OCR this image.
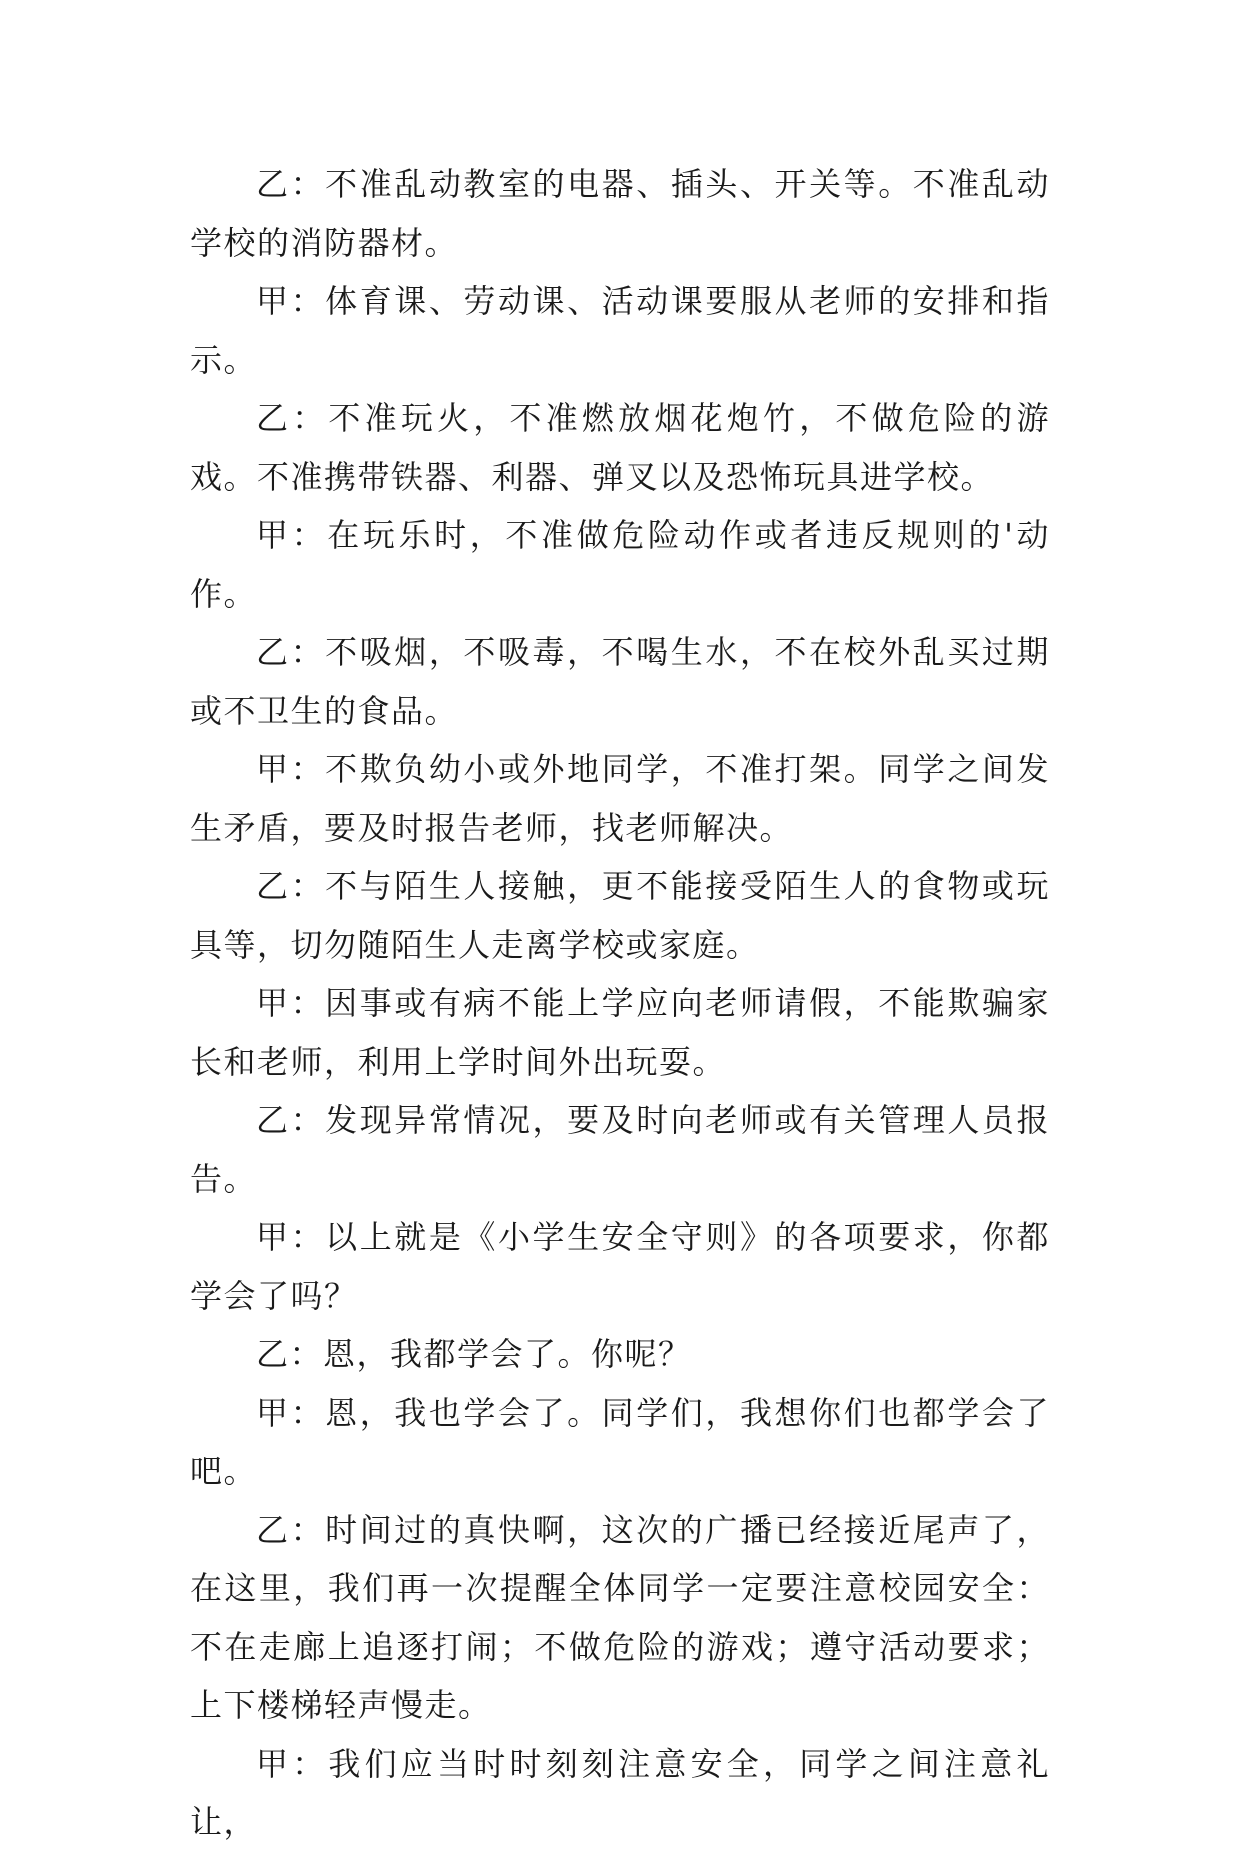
乙：不准乱动教室的电器、插头、开关等。不准乱动学校的消防器材。

甲：体育课、劳动课、活动课要服从老师的安排和指示。

乙：不准玩火，不准燃放烟花炮竹，不做危险的游戏。不准携带铁器、利器、弹叉以及恐怖玩具进学校。

甲：在玩乐时，不准做危险动作或者违反规则的'动作。

乙：不吸烟，不吸毒，不喝生水，不在校外乱买过期或不卫生的食品。

甲：不欺负幼小或外地同学，不准打架。同学之间发生矛盾，要及时报告老师，找老师解决。

乙：不与陌生人接触，更不能接受陌生人的食物或玩具等，切勿随陌生人走离学校或家庭。

甲：因事或有病不能上学应向老师请假，不能欺骗家长和老师，利用上学时间外出玩耍。

乙：发现异常情况，要及时向老师或有关管理人员报告。

甲：以上就是《小学生安全守则》的各项要求，你都学会了吗？

乙：恩，我都学会了。你呢？

甲：恩，我也学会了。同学们，我想你们也都学会了吧。

乙：时间过的真快啊，这次的广播已经接近尾声了，在这里，我们再一次提醒全体同学一定要注意校园安全：不在走廊上追逐打闹；不做危险的游戏；遵守活动要求；上下楼梯轻声慢走。

甲：我们应当时时刻刻注意安全，同学之间注意礼让，
